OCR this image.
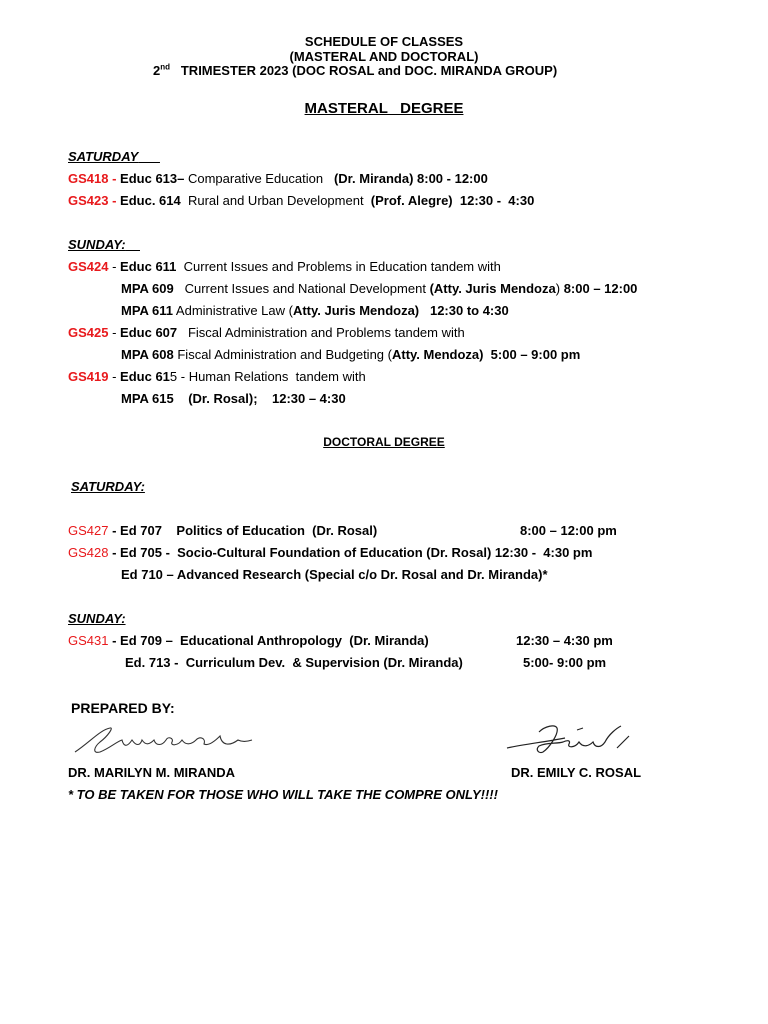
SCHEDULE OF CLASSES
(MASTERAL AND DOCTORAL)
2nd TRIMESTER 2023 (DOC ROSAL and DOC. MIRANDA GROUP)
MASTERAL   DEGREE
SATURDAY
GS418 - Educ 613– Comparative Education   (Dr. Miranda) 8:00 - 12:00
GS423 - Educ. 614  Rural and Urban Development  (Prof. Alegre)  12:30 -  4:30
SUNDAY:
GS424 - Educ 611  Current Issues and Problems in Education tandem with
MPA 609   Current Issues and National Development (Atty. Juris Mendoza) 8:00 – 12:00
MPA 611 Administrative Law (Atty. Juris Mendoza)   12:30 to 4:30
GS425 - Educ 607   Fiscal Administration and Problems tandem with
MPA 608 Fiscal Administration and Budgeting (Atty. Mendoza)  5:00 – 9:00 pm
GS419 - Educ 615 - Human Relations  tandem with
MPA 615    (Dr. Rosal);    12:30 – 4:30
DOCTORAL DEGREE
SATURDAY:
GS427 - Ed 707    Politics of Education  (Dr. Rosal)	8:00 – 12:00 pm
GS428 - Ed 705 -  Socio-Cultural Foundation of Education (Dr. Rosal) 12:30 -  4:30 pm
Ed 710 – Advanced Research (Special c/o Dr. Rosal and Dr. Miranda)*
SUNDAY:
GS431 - Ed 709 –  Educational Anthropology  (Dr. Miranda)	12:30 – 4:30 pm
Ed. 713 -  Curriculum Dev.  & Supervision (Dr. Miranda)	5:00- 9:00 pm
PREPARED BY:
DR. MARILYN M. MIRANDA	DR. EMILY C. ROSAL
* TO BE TAKEN FOR THOSE WHO WILL TAKE THE COMPRE ONLY!!!!
